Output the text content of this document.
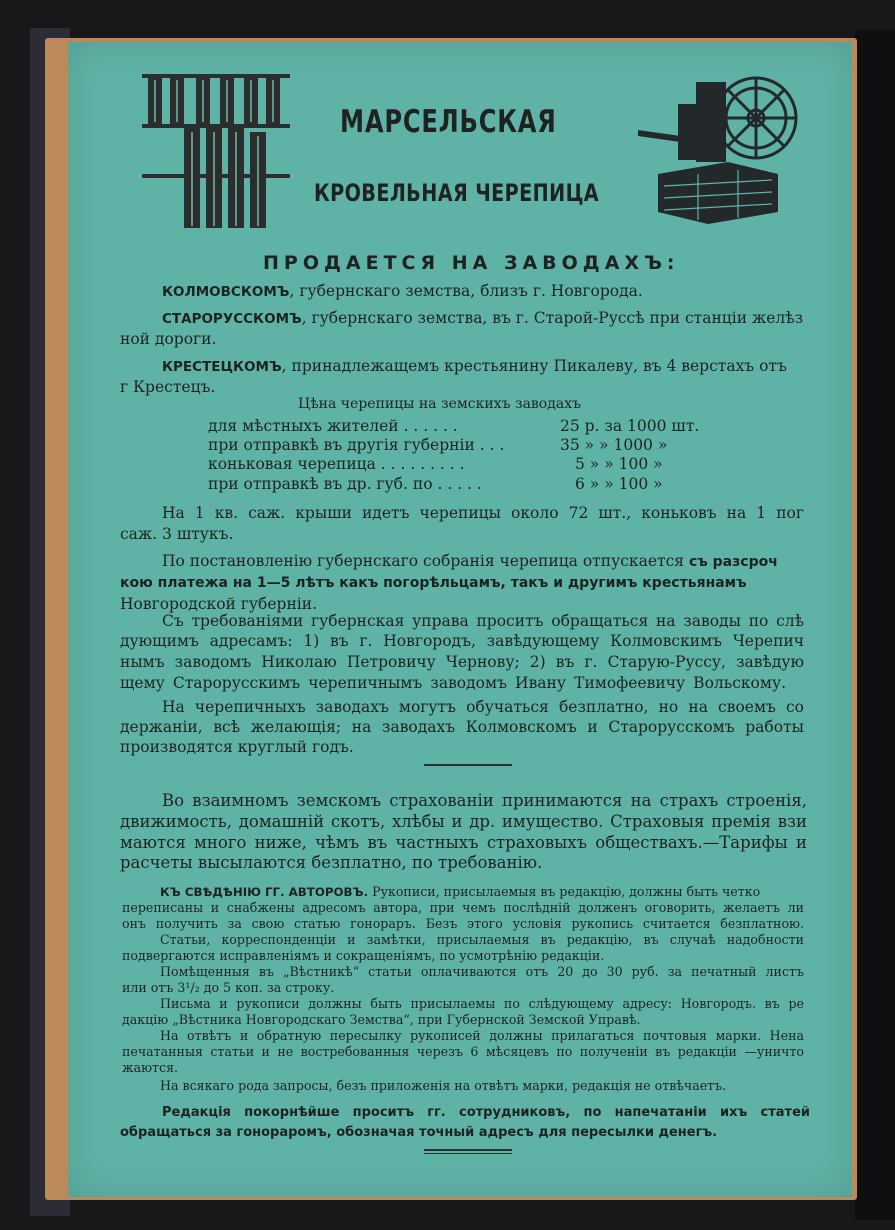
МАРСЕЛЬСКАЯ
КРОВЕЛЬНАЯ ЧЕРЕПИЦА
ПРОДАЕТСЯ НА ЗАВОДАХЪ:
КОЛМОВСКОМЪ, губернскаго земства, близъ г. Новгорода.
СТАРОРУССКОМЪ, губернскаго земства, въ г. Старой-Руссѣ при станціи желѣз
ной дороги.
КРЕСТЕЦКОМЪ, принадлежащемъ крестьянину Пикалеву, въ 4 верстахъ отъ
г Крестецъ.
Цѣна черепицы на земскихъ заводахъ
для мѣстныхъ жителей . . . . . .	25 р. за 1000 шт.
при отправкѣ въ другія губерніи . . .	35 » » 1000 »
коньковая черепица . . . . . . . . .	5 » » 100 »
при отправкѣ въ др. губ. по . . . . .	6 » » 100 »
На 1 кв. саж. крыши идетъ черепицы около 72 шт., коньковъ на 1 пог
саж. 3 штукъ.
По постановленію губернскаго собранія черепица отпускается съ разсроч
кою платежа на 1—5 лѣтъ какъ погорѣльцамъ, такъ и другимъ крестьянамъ
Новгородской губерніи.
Съ требованіями губернская управа проситъ обращаться на заводы по слѣ
дующимъ адресамъ: 1) въ г. Новгородъ, завѣдующему Колмовскимъ Черепич
нымъ заводомъ Николаю Петровичу Чернову; 2) въ г. Старую-Руссу, завѣдую
щему Старорусскимъ черепичнымъ заводомъ Ивану Тимофеевичу Вольскому.
На черепичныхъ заводахъ могутъ обучаться безплатно, но на своемъ со
держаніи, всѣ желающія; на заводахъ Колмовскомъ и Старорусскомъ работы
производятся круглый годъ.
Во взаимномъ земскомъ страхованіи принимаются на страхъ строенія,
движимость, домашній скотъ, хлѣбы и др. имущество. Страховыя премія взи
маются много ниже, чѣмъ въ частныхъ страховыхъ обществахъ.—Тарифы и
расчеты высылаются безплатно, по требованію.
КЪ СВѢДѢНІЮ ГГ. АВТОРОВЪ. Рукописи, присылаемыя въ редакцію, должны быть четко
переписаны и снабжены адресомъ автора, при чемъ послѣдній долженъ оговорить, желаетъ ли
онъ получить за свою статью гонораръ. Безъ этого условія рукопись считается безплатною.
Статьи, корреспонденціи и замѣтки, присылаемыя въ редакцію, въ случаѣ надобности
подвергаются исправленіямъ и сокращеніямъ, по усмотрѣнію редакціи.
Помѣщенныя въ „Вѣстникѣ“ статьи оплачиваются отъ 20 до 30 руб. за печатный листъ
или отъ 3¹/₂ до 5 коп. за строку.
Письма и рукописи должны быть присылаемы по слѣдующему адресу: Новгородъ. въ ре
дакцію „Вѣстника Новгородскаго Земства“, при Губернской Земской Управѣ.
На отвѣтъ и обратную пересылку рукописей должны прилагаться почтовыя марки. Нена
печатанныя статьи и не востребованныя черезъ 6 мѣсяцевъ по полученіи въ редакціи —уничто
жаются.
На всякаго рода запросы, безъ приложенія на отвѣтъ марки, редакція не отвѣчаетъ.
Редакція покорнѣйше проситъ гг. сотрудниковъ, по напечатаніи ихъ статей
обращаться за гонораромъ, обозначая точный адресъ для пересылки денегъ.
